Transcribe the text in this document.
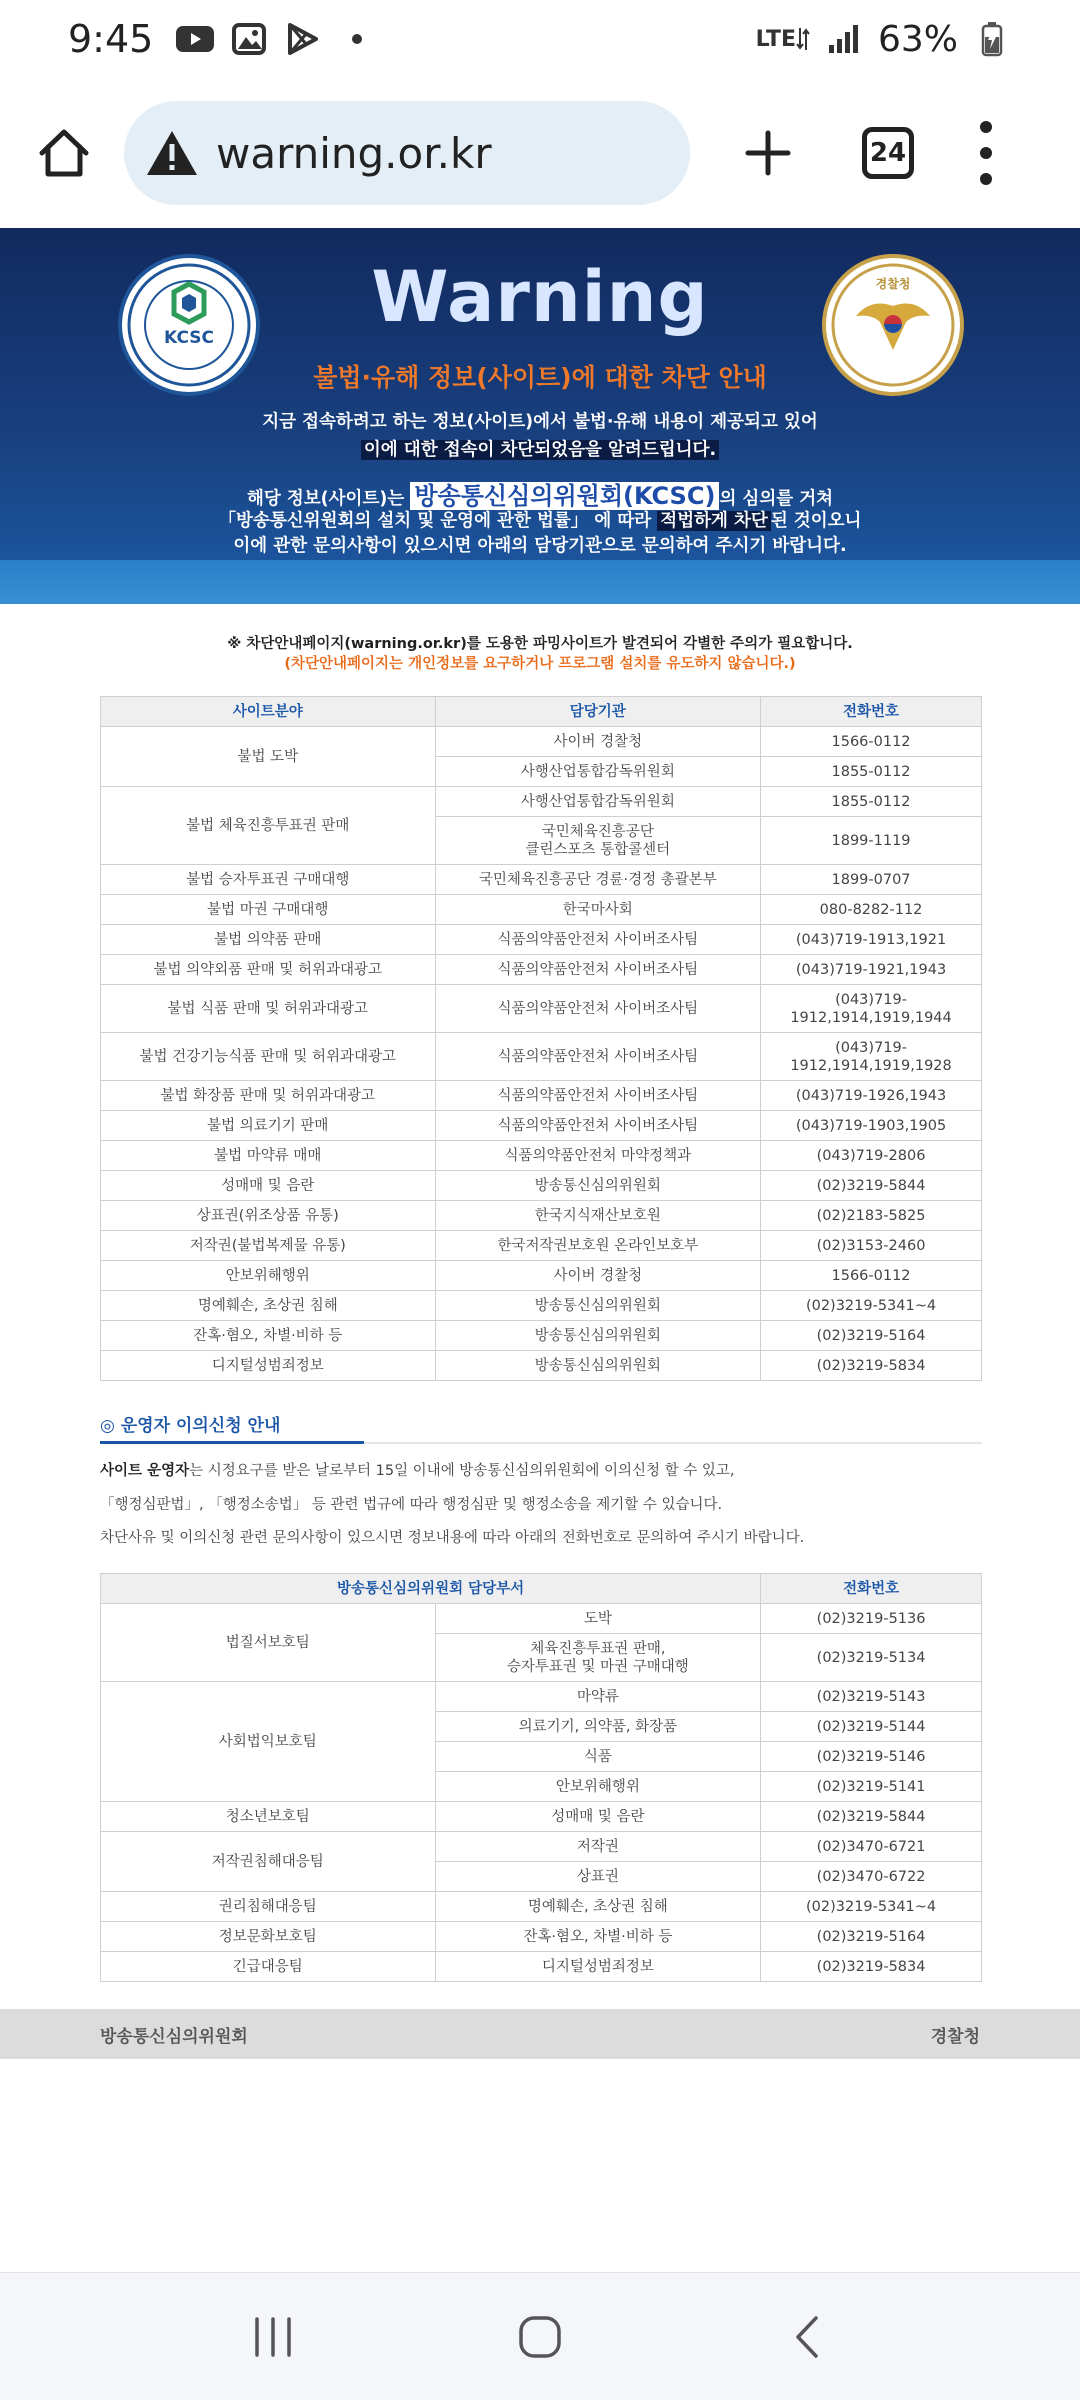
9:45	LTE 63%
warning.or.kr	24
KCSC	Warning	경찰청
불법·유해 정보(사이트)에 대한 차단 안내
지금 접속하려고 하는 정보(사이트)에서 불법·유해 내용이 제공되고 있어
이에 대한 접속이 차단되었음을 알려드립니다.
해당 정보(사이트)는 방송통신심의위원회(KCSC) 의 심의를 거쳐
「방송통신위원회의 설치 및 운영에 관한 법률」 에 따라 적법하게 차단 된 것이오니
이에 관한 문의사항이 있으시면 아래의 담당기관으로 문의하여 주시기 바랍니다.
※ 차단안내페이지(warning.or.kr)를 도용한 파밍사이트가 발견되어 각별한 주의가 필요합니다.
(차단안내페이지는 개인정보를 요구하거나 프로그램 설치를 유도하지 않습니다.)
사이트분야	담당기관	전화번호
불법 도박	사이버 경찰청	1566-0112
	사행산업통합감독위원회	1855-0112
불법 체육진흥투표권 판매	사행산업통합감독위원회	1855-0112
	국민체육진흥공단
클린스포츠 통합콜센터	1899-1119
불법 승자투표권 구매대행	국민체육진흥공단 경륜·경정 총괄본부	1899-0707
불법 마권 구매대행	한국마사회	080-8282-112
불법 의약품 판매	식품의약품안전처 사이버조사팀	(043)719-1913,1921
불법 의약외품 판매 및 허위과대광고	식품의약품안전처 사이버조사팀	(043)719-1921,1943
불법 식품 판매 및 허위과대광고	식품의약품안전처 사이버조사팀	(043)719-
1912,1914,1919,1944
불법 건강기능식품 판매 및 허위과대광고	식품의약품안전처 사이버조사팀	(043)719-
1912,1914,1919,1928
불법 화장품 판매 및 허위과대광고	식품의약품안전처 사이버조사팀	(043)719-1926,1943
불법 의료기기 판매	식품의약품안전처 사이버조사팀	(043)719-1903,1905
불법 마약류 매매	식품의약품안전처 마약정책과	(043)719-2806
성매매 및 음란	방송통신심의위원회	(02)3219-5844
상표권(위조상품 유통)	한국지식재산보호원	(02)2183-5825
저작권(불법복제물 유통)	한국저작권보호원 온라인보호부	(02)3153-2460
안보위해행위	사이버 경찰청	1566-0112
명예훼손, 초상권 침해	방송통신심의위원회	(02)3219-5341~4
잔혹·혐오, 차별·비하 등	방송통신심의위원회	(02)3219-5164
디지털성범죄정보	방송통신심의위원회	(02)3219-5834
◎ 운영자 이의신청 안내
사이트 운영자는 시정요구를 받은 날로부터 15일 이내에 방송통신심의위원회에 이의신청 할 수 있고,
「행정심판법」, 「행정소송법」 등 관련 법규에 따라 행정심판 및 행정소송을 제기할 수 있습니다.
차단사유 및 이의신청 관련 문의사항이 있으시면 정보내용에 따라 아래의 전화번호로 문의하여 주시기 바랍니다.
방송통신심의위원회 담당부서		전화번호
법질서보호팀	도박	(02)3219-5136
	체육진흥투표권 판매,
승자투표권 및 마권 구매대행	(02)3219-5134
사회법익보호팀	마약류	(02)3219-5143
	의료기기, 의약품, 화장품	(02)3219-5144
	식품	(02)3219-5146
	안보위해행위	(02)3219-5141
청소년보호팀	성매매 및 음란	(02)3219-5844
저작권침해대응팀	저작권	(02)3470-6721
	상표권	(02)3470-6722
권리침해대응팀	명예훼손, 초상권 침해	(02)3219-5341~4
정보문화보호팀	잔혹·혐오, 차별·비하 등	(02)3219-5164
긴급대응팀	디지털성범죄정보	(02)3219-5834
방송통신심의위원회	경찰청
